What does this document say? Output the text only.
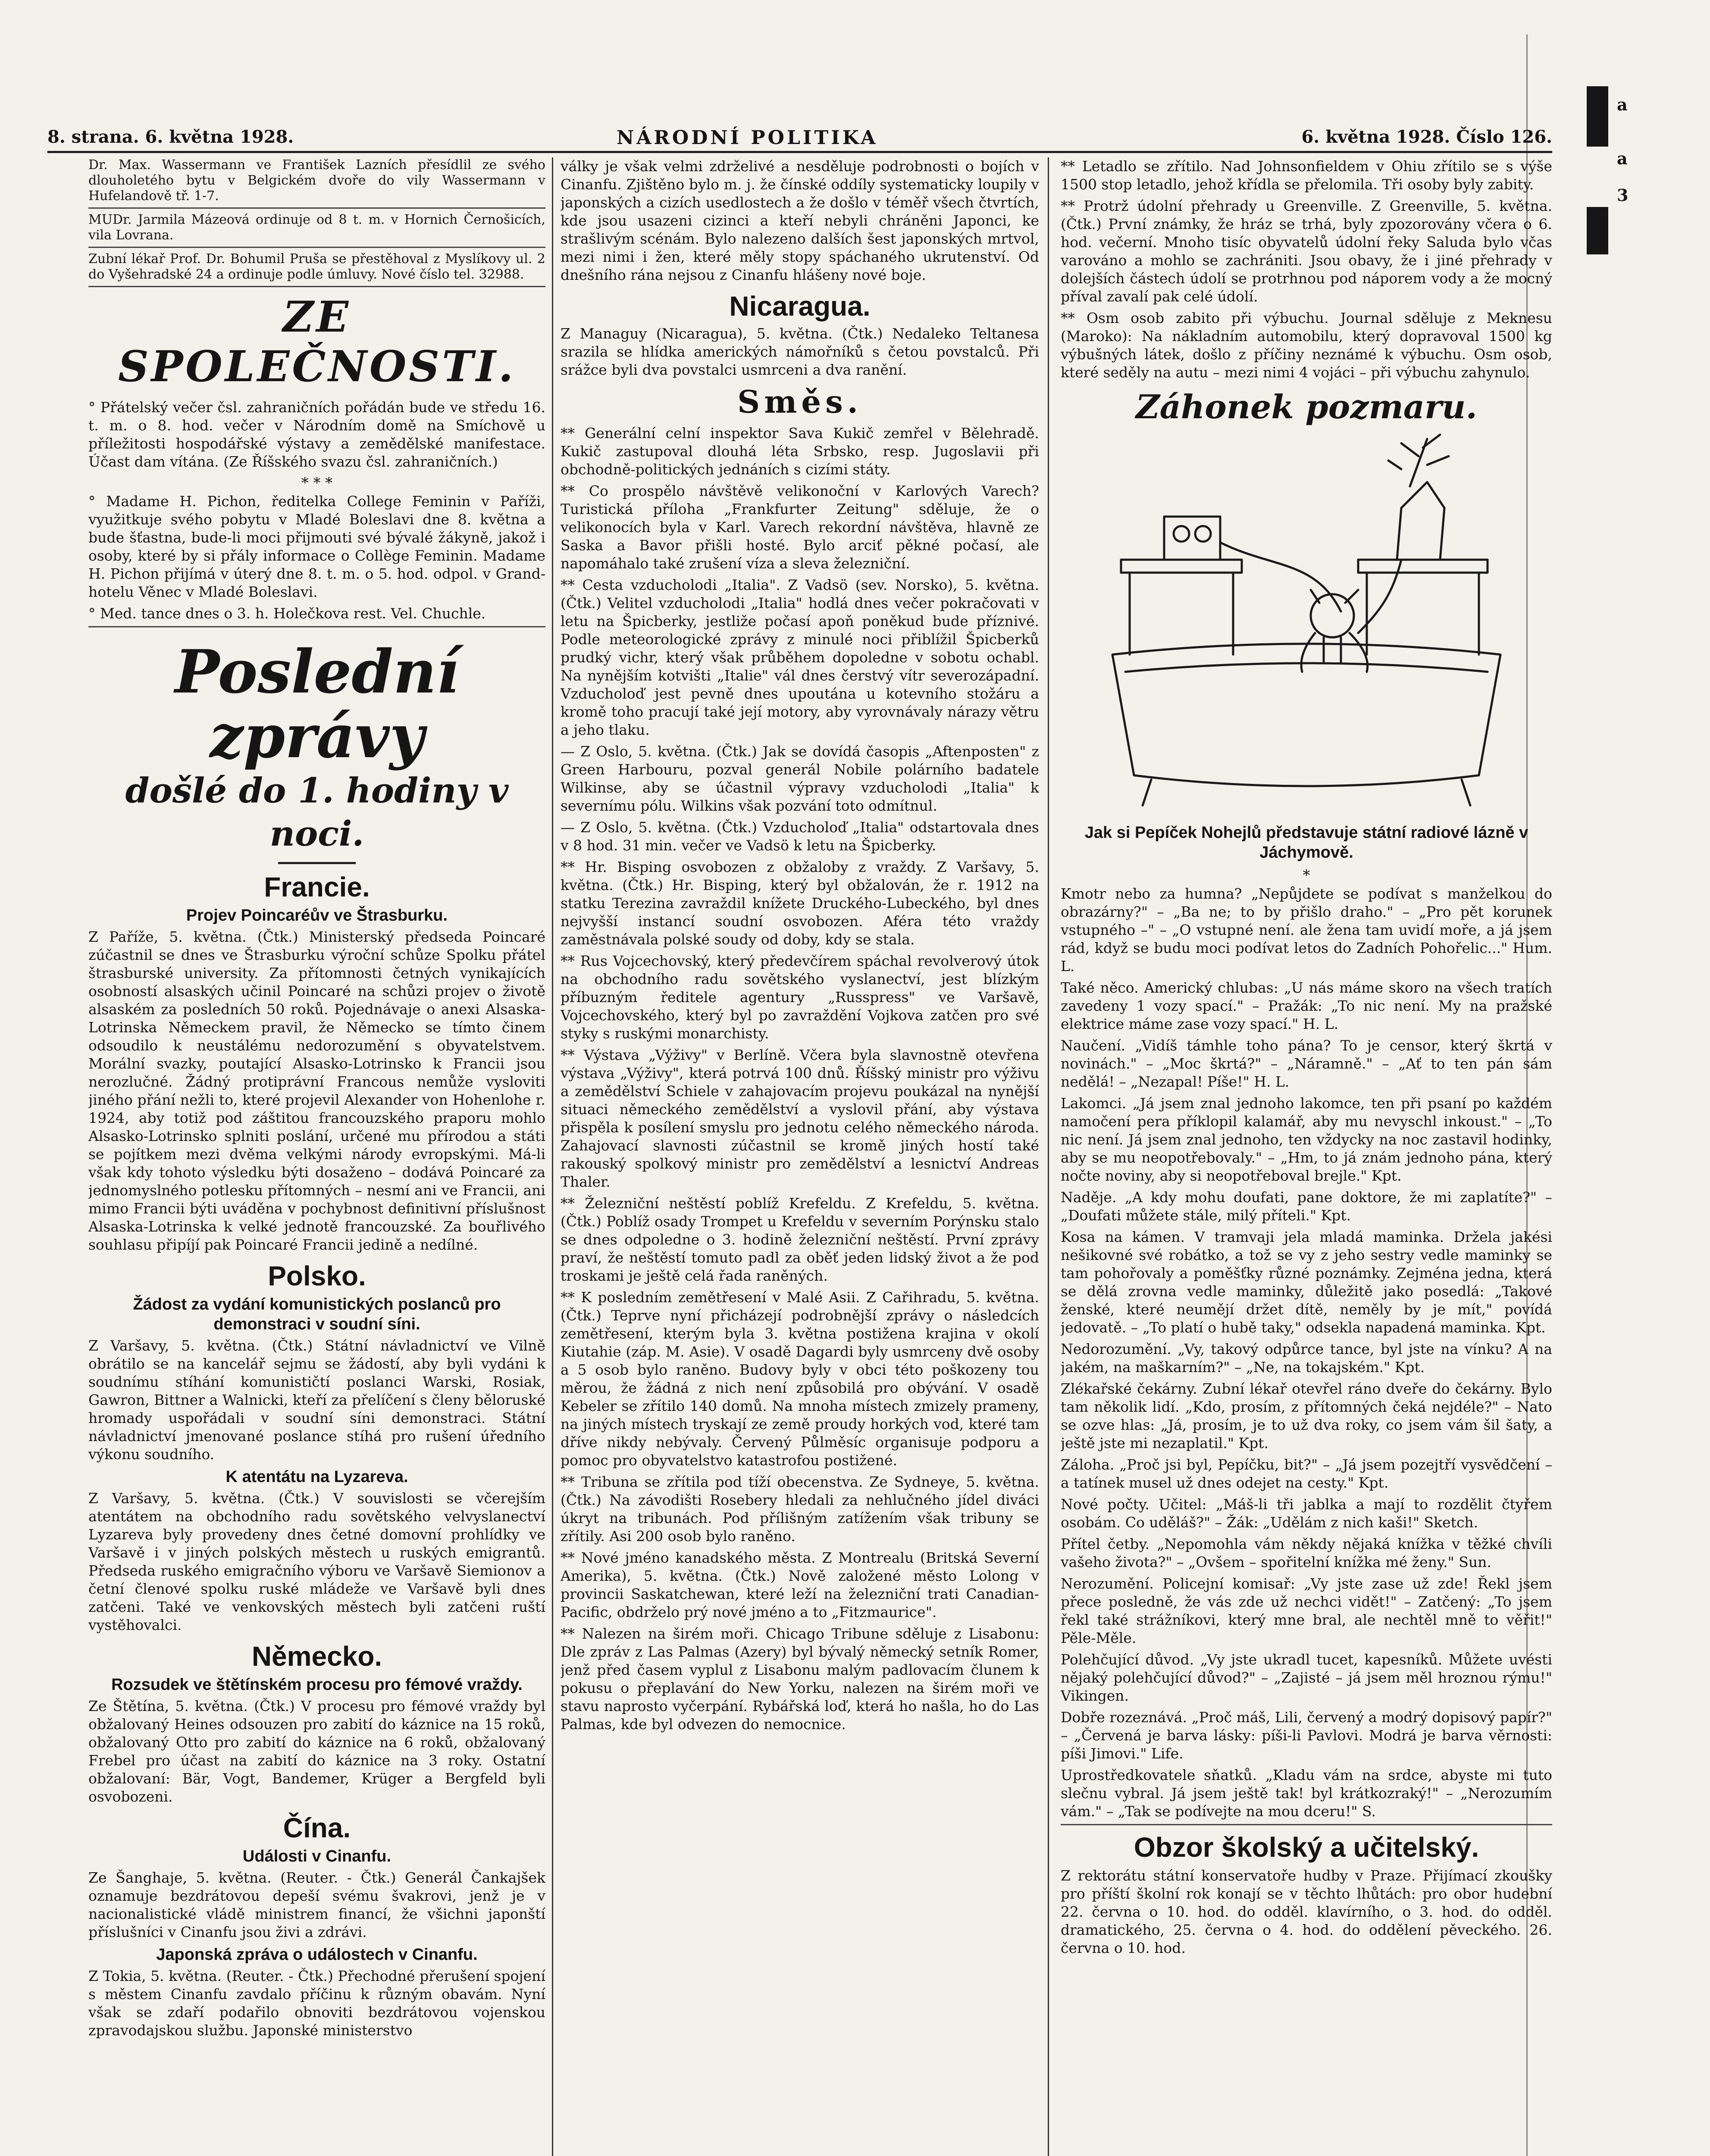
a
a
3
8. strana. 6. května 1928.	NÁRODNÍ POLITIKA	6. května 1928. Číslo 126.
Dr. Max. Wassermann ve František Lazních přesídlil ze svého dlouholetého bytu v Belgickém dvoře do vily Wassermann v Hufelandově tř. 1-7.
MUDr. Jarmila Mázeová ordinuje od 8 t. m. v Hornich Černošicích, vila Lovrana.
Zubní lékař Prof. Dr. Bohumil Pruša se přestěhoval z Myslíkovy ul. 2 do Vyšehradské 24 a ordinuje podle úmluvy. Nové číslo tel. 32988.
ZE SPOLEČNOSTI.

° Přátelský večer čsl. zahraničních pořádán bude ve středu 16. t. m. o 8. hod. večer v Národním domě na Smíchově u příležitosti hospodářské výstavy a zemědělské manifestace. Účast dam vítána. (Ze Říšského svazu čsl. zahraničních.)

* * *

° Madame H. Pichon, ředitelka College Feminin v Paříži, využitkuje svého pobytu v Mladé Boleslavi dne 8. května a bude šťastna, bude-li moci přijmouti své bývalé žákyně, jakož i osoby, které by si přály informace o Collège Feminin. Madame H. Pichon přijímá v úterý dne 8. t. m. o 5. hod. odpol. v Grand-hotelu Věnec v Mladé Boleslavi.

° Med. tance dnes o 3. h. Holečkova rest. Vel. Chuchle.

Poslední zprávy
došlé do 1. hodiny v noci.
Francie.
Projev Poincaréův ve Štrasburku.

Z Paříže, 5. května. (Čtk.) Ministerský předseda Poincaré zúčastnil se dnes ve Štrasburku výroční schůze Spolku přátel štrasburské university. Za přítomnosti četných vynikajících osobností alsaských učinil Poincaré na schůzi projev o životě alsaském za posledních 50 roků. Pojednávaje o anexi Alsaska-Lotrinska Německem pravil, že Německo se tímto činem odsoudilo k neustálému nedorozumění s obyvatelstvem. Morální svazky, poutající Alsasko-Lotrinsko k Francii jsou nerozlučné. Žádný protiprávní Francous nemůže vysloviti jiného přání nežli to, které projevil Alexander von Hohenlohe r. 1924, aby totiž pod záštitou francouzského praporu mohlo Alsasko-Lotrinsko splniti poslání, určené mu přírodou a státi se pojítkem mezi dvěma velkými národy evropskými. Má-li však kdy tohoto výsledku býti dosaženo – dodává Poincaré za jednomyslného potlesku přítomných – nesmí ani ve Francii, ani mimo Francii býti uváděna v pochybnost definitivní příslušnost Alsaska-Lotrinska k velké jednotě francouzské. Za bouřlivého souhlasu připíjí pak Poincaré Francii jedině a nedílné.

Polsko.
Žádost za vydání komunistických poslanců pro demonstraci v soudní síni.

Z Varšavy, 5. května. (Čtk.) Státní návladnictví ve Vilně obrátilo se na kancelář sejmu se žádostí, aby byli vydáni k soudnímu stíhání komunističtí poslanci Warski, Rosiak, Gawron, Bittner a Walnicki, kteří za přelíčení s členy běloruské hromady uspořádali v soudní síni demonstraci. Státní návladnictví jmenované poslance stíhá pro rušení úředního výkonu soudního.

K atentátu na Lyzareva.

Z Varšavy, 5. května. (Čtk.) V souvislosti se včerejším atentátem na obchodního radu sovětského velvyslanectví Lyzareva byly provedeny dnes četné domovní prohlídky ve Varšavě i v jiných polských městech u ruských emigrantů. Předseda ruského emigračního výboru ve Varšavě Siemionov a četní členové spolku ruské mládeže ve Varšavě byli dnes zatčeni. Také ve venkovských městech byli zatčeni ruští vystěhovalci.

Německo.
Rozsudek ve štětínském procesu pro fémové vraždy.

Ze Štětína, 5. května. (Čtk.) V procesu pro fémové vraždy byl obžalovaný Heines odsouzen pro zabití do káznice na 15 roků, obžalovaný Otto pro zabití do káznice na 6 roků, obžalovaný Frebel pro účast na zabití do káznice na 3 roky. Ostatní obžalovaní: Bär, Vogt, Bandemer, Krüger a Bergfeld byli osvobozeni.

Čína.
Události v Cinanfu.

Ze Šanghaje, 5. května. (Reuter. - Čtk.) Generál Čankajšek oznamuje bezdrátovou depeší svému švakrovi, jenž je v nacionalistické vládě ministrem financí, že všichni japonští příslušníci v Cinanfu jsou živi a zdrávi.

Japonská zpráva o událostech v Cinanfu.

Z Tokia, 5. května. (Reuter. - Čtk.) Přechodné přerušení spojení s městem Cinanfu zavdalo příčinu k různým obavám. Nyní však se zdaří podařilo obnoviti bezdrátovou vojenskou zpravodajskou službu. Japonské ministerstvo

války je však velmi zdrželivé a nesděluje podrobnosti o bojích v Cinanfu. Zjištěno bylo m. j. že čínské oddíly systematicky loupily v japonských a cizích usedlostech a že došlo v téměř všech čtvrtích, kde jsou usazeni cizinci a kteří nebyli chráněni Japonci, ke strašlivým scénám. Bylo nalezeno dalších šest japonských mrtvol, mezi nimi i žen, které měly stopy spáchaného ukrutenství. Od dnešního rána nejsou z Cinanfu hlášeny nové boje.

Nicaragua.

Z Managuy (Nicaragua), 5. května. (Čtk.) Nedaleko Teltanesa srazila se hlídka amerických námořníků s četou povstalců. Při srážce byli dva povstalci usmrceni a dva ranění.

Směs.

** Generální celní inspektor Sava Kukič zemřel v Bělehradě. Kukič zastupoval dlouhá léta Srbsko, resp. Jugoslavii při obchodně-politických jednáních s cizími státy.

** Co prospělo návštěvě velikonoční v Karlových Varech? Turistická příloha „Frankfurter Zeitung" sděluje, že o velikonocích byla v Karl. Varech rekordní návštěva, hlavně ze Saska a Bavor přišli hosté. Bylo arciť pěkné počasí, ale napomáhalo také zrušení víza a sleva železniční.

** Cesta vzducholodi „Italia". Z Vadsö (sev. Norsko), 5. května. (Čtk.) Velitel vzducholodi „Italia" hodlá dnes večer pokračovati v letu na Špicberky, jestliže počasí apoň poněkud bude příznivé. Podle meteorologické zprávy z minulé noci přiblížil Špicberků prudký vichr, který však průběhem dopoledne v sobotu ochabl. Na nynějším kotvišti „Italie" vál dnes čerstvý vítr severozápadní. Vzducholoď jest pevně dnes upoutána u kotevního stožáru a kromě toho pracují také její motory, aby vyrovnávaly nárazy větru a jeho tlaku.

— Z Oslo, 5. května. (Čtk.) Jak se dovídá časopis „Aftenposten" z Green Harbouru, pozval generál Nobile polárního badatele Wilkinse, aby se účastnil výpravy vzducholodi „Italia" k severnímu pólu. Wilkins však pozvání toto odmítnul.

— Z Oslo, 5. května. (Čtk.) Vzducholoď „Italia" odstartovala dnes v 8 hod. 31 min. večer ve Vadsö k letu na Špicberky.

** Hr. Bisping osvobozen z obžaloby z vraždy. Z Varšavy, 5. května. (Čtk.) Hr. Bisping, který byl obžalován, že r. 1912 na statku Terezina zavraždil knížete Druckého-Lubeckého, byl dnes nejvyšší instancí soudní osvobozen. Aféra této vraždy zaměstnávala polské soudy od doby, kdy se stala.

** Rus Vojcechovský, který předevčírem spáchal revolverový útok na obchodního radu sovětského vyslanectví, jest blízkým příbuzným ředitele agentury „Russpress" ve Varšavě, Vojcechovského, který byl po zavraždění Vojkova zatčen pro své styky s ruskými monarchisty.

** Výstava „Výživy" v Berlíně. Včera byla slavnostně otevřena výstava „Výživy", která potrvá 100 dnů. Říšský ministr pro výživu a zemědělství Schiele v zahajovacím projevu poukázal na nynější situaci německého zemědělství a vyslovil přání, aby výstava přispěla k posílení smyslu pro jednotu celého německého národa. Zahajovací slavnosti zúčastnil se kromě jiných hostí také rakouský spolkový ministr pro zemědělství a lesnictví Andreas Thaler.

** Železniční neštěstí poblíž Krefeldu. Z Krefeldu, 5. května. (Čtk.) Poblíž osady Trompet u Krefeldu v severním Porýnsku stalo se dnes odpoledne o 3. hodině železniční neštěstí. První zprávy praví, že neštěstí tomuto padl za oběť jeden lidský život a že pod troskami je ještě celá řada raněných.

** K posledním zemětřesení v Malé Asii. Z Cařihradu, 5. května. (Čtk.) Teprve nyní přicházejí podrobnější zprávy o následcích zemětřesení, kterým byla 3. května postižena krajina v okolí Kiutahie (záp. M. Asie). V osadě Dagardi byly usmrceny dvě osoby a 5 osob bylo raněno. Budovy byly v obci této poškozeny tou měrou, že žádná z nich není způsobilá pro obývání. V osadě Kebeler se zřítilo 140 domů. Na mnoha místech zmizely prameny, na jiných místech tryskají ze země proudy horkých vod, které tam dříve nikdy nebývaly. Červený Půlměsíc organisuje podporu a pomoc pro obyvatelstvo katastrofou postižené.

** Tribuna se zřítila pod tíží obecenstva. Ze Sydneye, 5. května. (Čtk.) Na závodišti Rosebery hledali za nehlučného jídel diváci úkryt na tribunách. Pod přílišným zatížením však tribuny se zřítily. Asi 200 osob bylo raněno.

** Nové jméno kanadského města. Z Montrealu (Britská Severní Amerika), 5. května. (Čtk.) Nově založené město Lolong v provincii Saskatchewan, které leží na železniční trati Canadian-Pacific, obdrželo prý nové jméno a to „Fitzmaurice".

** Nalezen na širém moři. Chicago Tribune sděluje z Lisabonu: Dle zpráv z Las Palmas (Azery) byl bývalý německý setník Romer, jenž před časem vyplul z Lisabonu malým padlovacím člunem k pokusu o přeplavání do New Yorku, nalezen na širém moři ve stavu naprosto vyčerpání. Rybářská loď, která ho našla, ho do Las Palmas, kde byl odvezen do nemocnice.

** Letadlo se zřítilo. Nad Johnsonfieldem v Ohiu zřítilo se s výše 1500 stop letadlo, jehož křídla se přelomila. Tři osoby byly zabity.

** Protrž údolní přehrady u Greenville. Z Greenville, 5. května. (Čtk.) První známky, že hráz se trhá, byly zpozorovány včera o 6. hod. večerní. Mnoho tisíc obyvatelů údolní řeky Saluda bylo včas varováno a mohlo se zachrániti. Jsou obavy, že i jiné přehrady v dolejších částech údolí se protrhnou pod náporem vody a že mocný příval zavalí pak celé údolí.

** Osm osob zabito při výbuchu. Journal sděluje z Meknesu (Maroko): Na nákladním automobilu, který dopravoval 1500 kg výbušných látek, došlo z příčiny neznámé k výbuchu. Osm osob, které seděly na autu – mezi nimi 4 vojáci – při výbuchu zahynulo.

Záhonek pozmaru.
Jak si Pepíček Nohejlů představuje státní radiové lázně v Jáchymově.
*

Kmotr nebo za humna? „Nepůjdete se podívat s manželkou do obrazárny?" – „Ba ne; to by přišlo draho." – „Pro pět korunek vstupného –" – „O vstupné není. ale žena tam uvidí moře, a já jsem rád, když se budu moci podívat letos do Zadních Pohořelic..." Hum. L.

Také něco. Americký chlubas: „U nás máme skoro na všech tratích zavedeny 1 vozy spací." – Pražák: „To nic není. My na pražské elektrice máme zase vozy spací." H. L.

Naučení. „Vidíš támhle toho pána? To je censor, který škrtá v novinách." – „Moc škrtá?" – „Náramně." – „Ať to ten pán sám nedělá! – „Nezapal! Píše!" H. L.

Lakomci. „Já jsem znal jednoho lakomce, ten při psaní po každém namočení pera příklopil kalamář, aby mu nevyschl inkoust." – „To nic není. Já jsem znal jednoho, ten vždycky na noc zastavil hodinky, aby se mu neopotřebovaly." – „Hm, to já znám jednoho pána, který nočte noviny, aby si neopotřeboval brejle." Kpt.

Naděje. „A kdy mohu doufati, pane doktore, že mi zaplatíte?" – „Doufati můžete stále, milý příteli." Kpt.

Kosa na kámen. V tramvaji jela mladá maminka. Držela jakési nešikovné své robátko, a tož se vy z jeho sestry vedle maminky se tam pohořovaly a poměšťky různé poznámky. Zejména jedna, která se dělá zrovna vedle maminky, důležitě jako posedlá: „Takové ženské, které neumějí držet dítě, neměly by je mít," povídá jedovatě. – „To platí o hubě taky," odsekla napadená maminka. Kpt.

Nedorozumění. „Vy, takový odpůrce tance, byl jste na vínku? A na jakém, na maškarním?" – „Ne, na tokajském." Kpt.

Zlékařské čekárny. Zubní lékař otevřel ráno dveře do čekárny. Bylo tam několik lidí. „Kdo, prosím, z přítomných čeká nejdéle?" – Nato se ozve hlas: „Já, prosím, je to už dva roky, co jsem vám šil šaty, a ještě jste mi nezaplatil." Kpt.

Záloha. „Proč jsi byl, Pepíčku, bit?" – „Já jsem pozejtří vysvědčení – a tatínek musel už dnes odejet na cesty." Kpt.

Nové počty. Učitel: „Máš-li tři jablka a mají to rozdělit čtyřem osobám. Co uděláš?" – Žák: „Udělám z nich kaši!" Sketch.

Přítel četby. „Nepomohla vám někdy nějaká knížka v těžké chvíli vašeho života?" – „Ovšem – spořitelní knížka mé ženy." Sun.

Nerozumění. Policejní komisař: „Vy jste zase už zde! Řekl jsem přece posledně, že vás zde už nechci vidět!" – Zatčený: „To jsem řekl také strážníkovi, který mne bral, ale nechtěl mně to věřit!" Pěle-Měle.

Polehčující důvod. „Vy jste ukradl tucet, kapesníků. Můžete uvésti nějaký polehčující důvod?" – „Zajisté – já jsem měl hroznou rýmu!" Vikingen.

Dobře rozeznává. „Proč máš, Lili, červený a modrý dopisový papír?" – „Červená je barva lásky: píši-li Pavlovi. Modrá je barva věrnosti: píši Jimovi." Life.

Uprostředkovatele sňatků. „Kladu vám na srdce, abyste mi tuto slečnu vybral. Já jsem ještě tak! byl krátkozraký!" – „Nerozumím vám." – „Tak se podívejte na mou dceru!" S.

Obzor školský a učitelský.

Z rektorátu státní konservatoře hudby v Praze. Přijímací zkoušky pro příští školní rok konají se v těchto lhůtách: pro obor hudební 22. června o 10. hod. do odděl. klavírního, o 3. hod. do odděl. dramatického, 25. června o 4. hod. do oddělení pěveckého. 26. června o 10. hod.
